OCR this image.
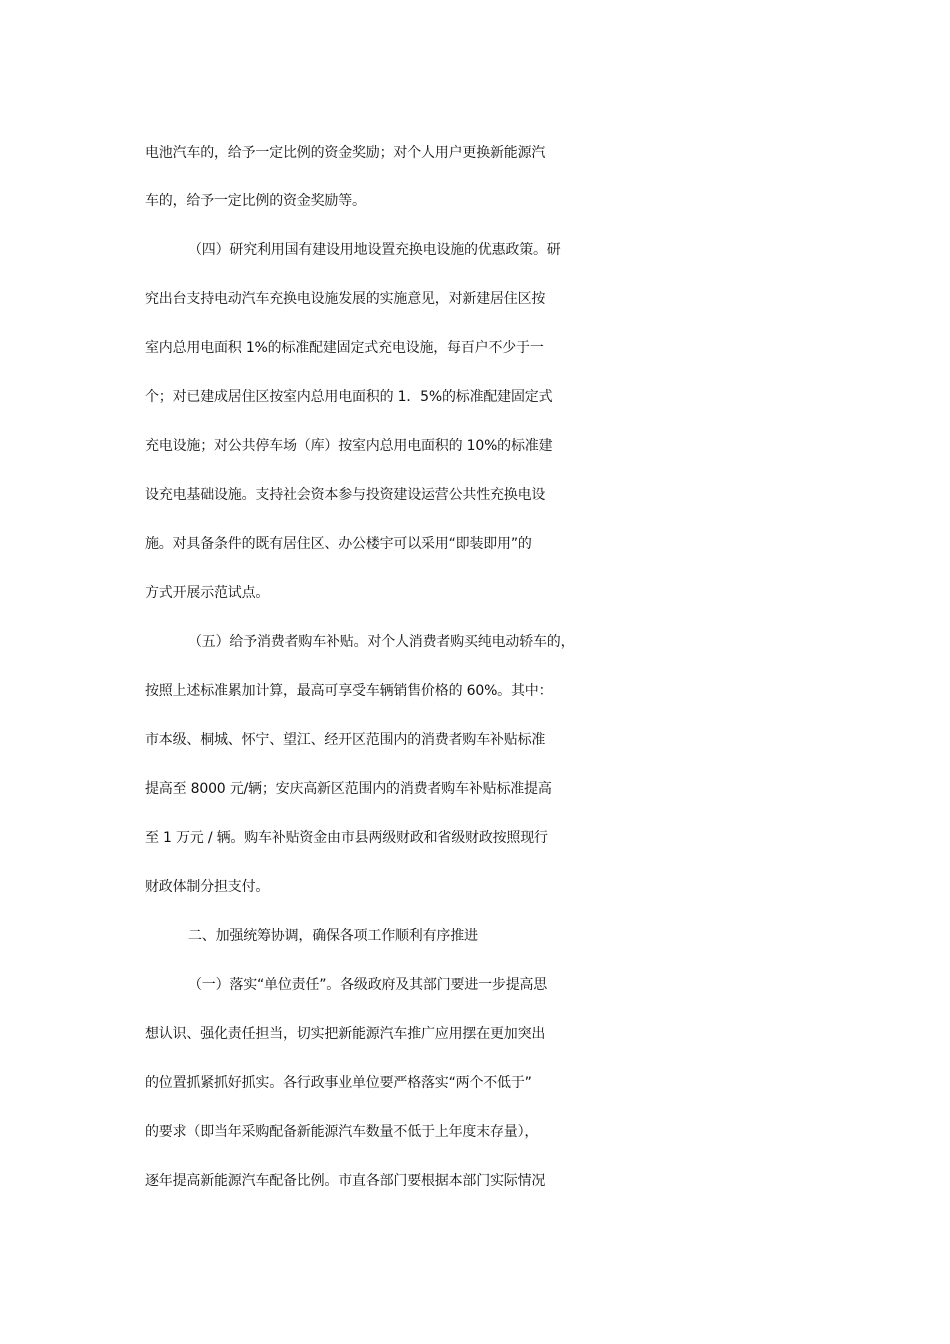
电池汽车的，给予一定比例的资金奖励；对个人用户更换新能源汽
车的，给予一定比例的资金奖励等。
（四）研究利用国有建设用地设置充换电设施的优惠政策。研
究出台支持电动汽车充换电设施发展的实施意见，对新建居住区按
室内总用电面积 1%的标准配建固定式充电设施，每百户不少于一
个；对已建成居住区按室内总用电面积的 1．5%的标准配建固定式
充电设施；对公共停车场（库）按室内总用电面积的 10%的标准建
设充电基础设施。支持社会资本参与投资建设运营公共性充换电设
施。对具备条件的既有居住区、办公楼宇可以采用“即装即用”的
方式开展示范试点。
（五）给予消费者购车补贴。对个人消费者购买纯电动轿车的，
按照上述标准累加计算，最高可享受车辆销售价格的 60%。其中：
市本级、桐城、怀宁、望江、经开区范围内的消费者购车补贴标准
提高至 8000 元/辆；安庆高新区范围内的消费者购车补贴标准提高
至 1 万元 / 辆。购车补贴资金由市县两级财政和省级财政按照现行
财政体制分担支付。
二、加强统筹协调，确保各项工作顺利有序推进
（一）落实“单位责任”。各级政府及其部门要进一步提高思
想认识、强化责任担当，切实把新能源汽车推广应用摆在更加突出
的位置抓紧抓好抓实。各行政事业单位要严格落实“两个不低于”
的要求（即当年采购配备新能源汽车数量不低于上年度末存量），
逐年提高新能源汽车配备比例。市直各部门要根据本部门实际情况
